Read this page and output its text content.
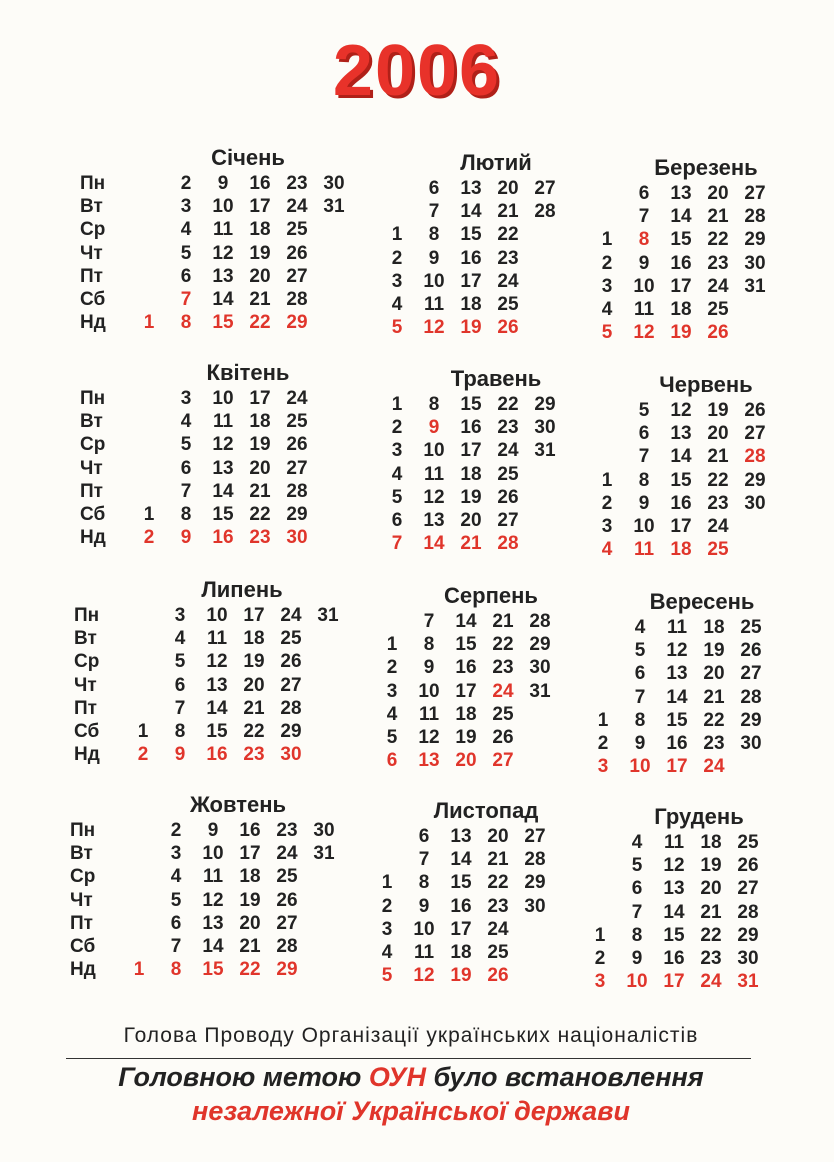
2006
Січень
Пн
Вт
Ср
Чт
Пт
Сб
Нд	1
2
3
4
5
6
7
8
9
10
11
12
13
14
15
16
17
18
19
20
21
22
23
24
25
26
27
28
29
30
31
Лютий
1
2
3
4
5
6
7
8
9
10
11
12
13
14
15
16
17
18
19
20
21
22
23
24
25
26
27
28
Березень
1
2
3
4
5
6
7
8
9
10
11
12
13
14
15
16
17
18
19
20
21
22
23
24
25
26
27
28
29
30
31
Квітень
Пн
Вт
Ср
Чт
Пт
Сб
Нд
1
2
3
4
5
6
7
8
9
10
11
12
13
14
15
16
17
18
19
20
21
22
23
24
25
26
27
28
29
30
Травень
1
2
3
4
5
6
7
8
9
10
11
12
13
14
15
16
17
18
19
20
21
22
23
24
25
26
27
28
29
30
31
Червень
1
2
3
4
5
6
7
8
9
10
11
12
13
14
15
16
17
18
19
20
21
22
23
24
25
26
27
28
29
30
Липень
Пн
Вт
Ср
Чт
Пт
Сб
Нд
1
2
3
4
5
6
7
8
9
10
11
12
13
14
15
16
17
18
19
20
21
22
23
24
25
26
27
28
29
30
31
Серпень
1
2
3
4
5
6
7
8
9
10
11
12
13
14
15
16
17
18
19
20
21
22
23
24
25
26
27
28
29
30
31
Вересень
1
2
3
4
5
6
7
8
9
10
11
12
13
14
15
16
17
18
19
20
21
22
23
24
25
26
27
28
29
30
Жовтень
Пн
Вт
Ср
Чт
Пт
Сб
Нд	1
2
3
4
5
6
7
8
9
10
11
12
13
14
15
16
17
18
19
20
21
22
23
24
25
26
27
28
29
30
31
Листопад
1
2
3
4
5
6
7
8
9
10
11
12
13
14
15
16
17
18
19
20
21
22
23
24
25
26
27
28
29
30
Грудень
1
2
3
4
5
6
7
8
9
10
11
12
13
14
15
16
17
18
19
20
21
22
23
24
25
26
27
28
29
30
31
Голова Проводу Організації українських націоналістів
Головною метою ОУН було встановлення
незалежної Української держави
